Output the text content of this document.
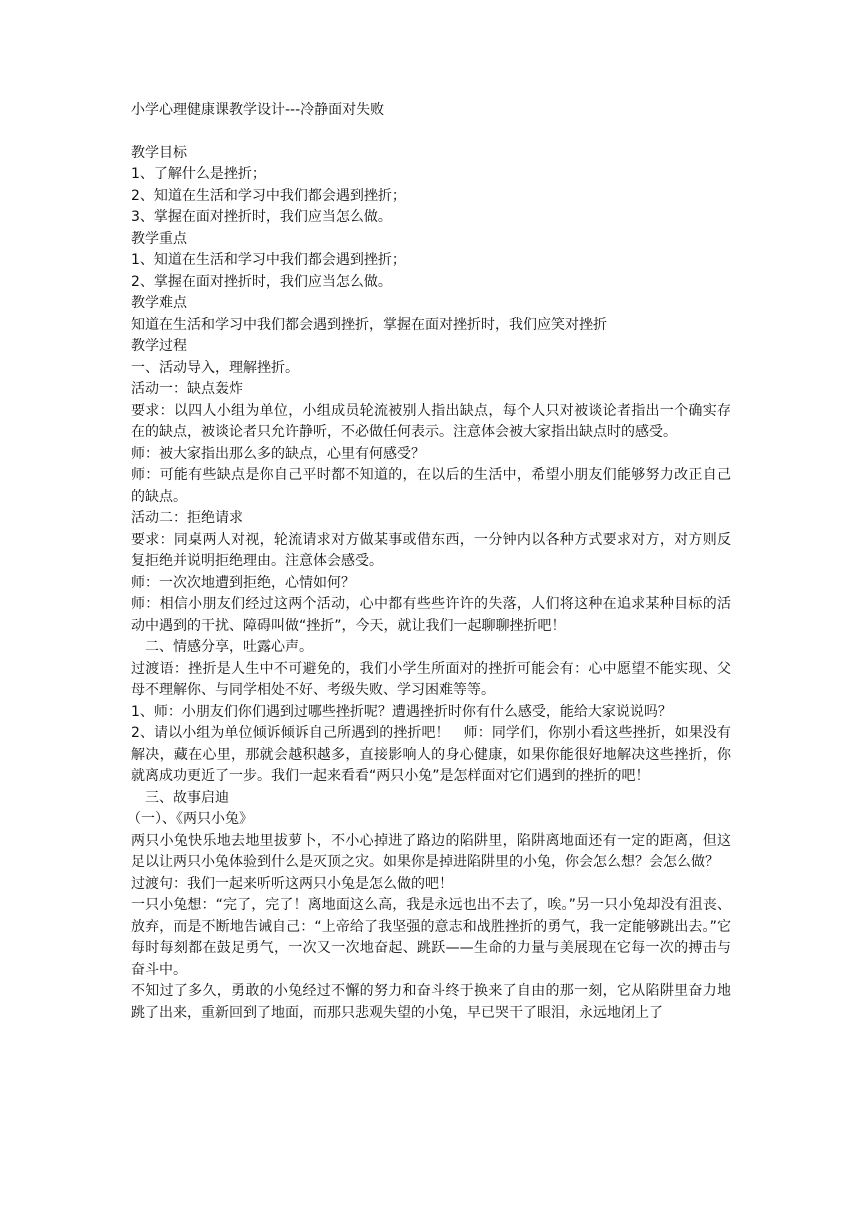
小学心理健康课教学设计---冷静面对失败

教学目标

1、了解什么是挫折；

2、知道在生活和学习中我们都会遇到挫折；

3、掌握在面对挫折时，我们应当怎么做。

教学重点

1、知道在生活和学习中我们都会遇到挫折；

2、掌握在面对挫折时，我们应当怎么做。

教学难点

知道在生活和学习中我们都会遇到挫折，掌握在面对挫折时，我们应笑对挫折

教学过程

一、活动导入，理解挫折。

活动一：缺点轰炸

要求：以四人小组为单位，小组成员轮流被别人指出缺点，每个人只对被谈论者指出一个确实存在的缺点，被谈论者只允许静听，不必做任何表示。注意体会被大家指出缺点时的感受。

师：被大家指出那么多的缺点，心里有何感受？

师：可能有些缺点是你自己平时都不知道的，在以后的生活中，希望小朋友们能够努力改正自己的缺点。

活动二：拒绝请求

要求：同桌两人对视，轮流请求对方做某事或借东西，一分钟内以各种方式要求对方，对方则反复拒绝并说明拒绝理由。注意体会感受。

师：一次次地遭到拒绝，心情如何？

师：相信小朋友们经过这两个活动，心中都有些些许许的失落，人们将这种在追求某种目标的活动中遇到的干扰、障碍叫做“挫折”，今天，就让我们一起聊聊挫折吧！

二、情感分享，吐露心声。

过渡语：挫折是人生中不可避免的，我们小学生所面对的挫折可能会有：心中愿望不能实现、父母不理解你、与同学相处不好、考级失败、学习困难等等。

1、师：小朋友们你们遇到过哪些挫折呢？遭遇挫折时你有什么感受，能给大家说说吗？

2、请以小组为单位倾诉倾诉自己所遇到的挫折吧！　师：同学们，你别小看这些挫折，如果没有解决，藏在心里，那就会越积越多，直接影响人的身心健康，如果你能很好地解决这些挫折，你就离成功更近了一步。我们一起来看看“两只小兔”是怎样面对它们遇到的挫折的吧！

三、故事启迪

（一）、《两只小兔》

两只小兔快乐地去地里拔萝卜，不小心掉进了路边的陷阱里，陷阱离地面还有一定的距离，但这足以让两只小兔体验到什么是灭顶之灾。如果你是掉进陷阱里的小兔，你会怎么想？会怎么做？

过渡句：我们一起来听听这两只小兔是怎么做的吧！

一只小兔想：“完了，完了！离地面这么高，我是永远也出不去了，唉。”另一只小兔却没有沮丧、放弃，而是不断地告诫自己：“上帝给了我坚强的意志和战胜挫折的勇气，我一定能够跳出去。”它每时每刻都在鼓足勇气，一次又一次地奋起、跳跃——生命的力量与美展现在它每一次的搏击与奋斗中。

不知过了多久，勇敢的小兔经过不懈的努力和奋斗终于换来了自由的那一刻，它从陷阱里奋力地跳了出来，重新回到了地面，而那只悲观失望的小兔，早已哭干了眼泪，永远地闭上了
